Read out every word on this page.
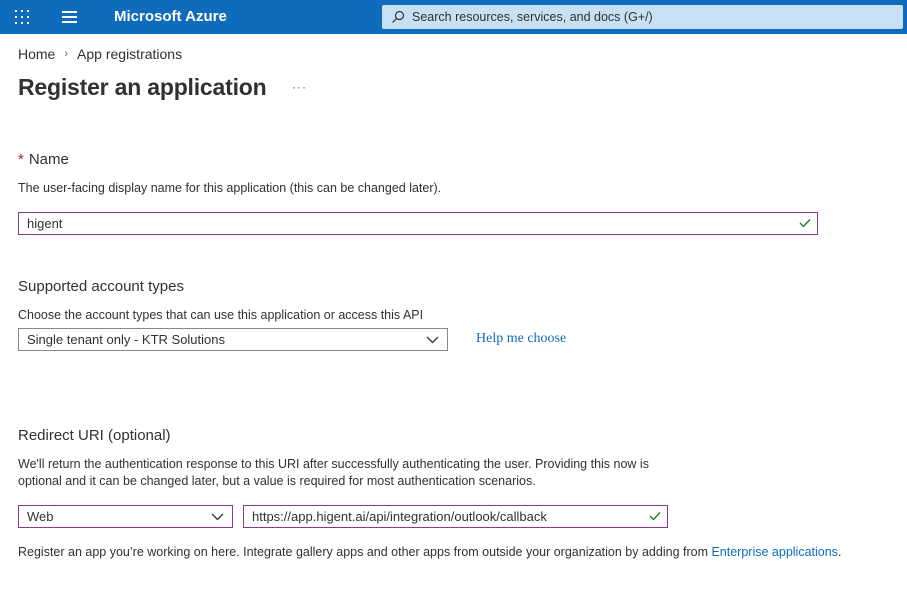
Microsoft Azure	Search resources, services, and docs (G+/)
Home › App registrations
Register an application ···
* Name
The user-facing display name for this application (this can be changed later).
higent
Supported account types
Choose the account types that can use this application or access this API
Single tenant only - KTR Solutions	Help me choose
Redirect URI (optional)
We'll return the authentication response to this URI after successfully authenticating the user. Providing this now is
optional and it can be changed later, but a value is required for most authentication scenarios.
Web	https://app.higent.ai/api/integration/outlook/callback
Register an app you’re working on here. Integrate gallery apps and other apps from outside your organization by adding from Enterprise applications.
